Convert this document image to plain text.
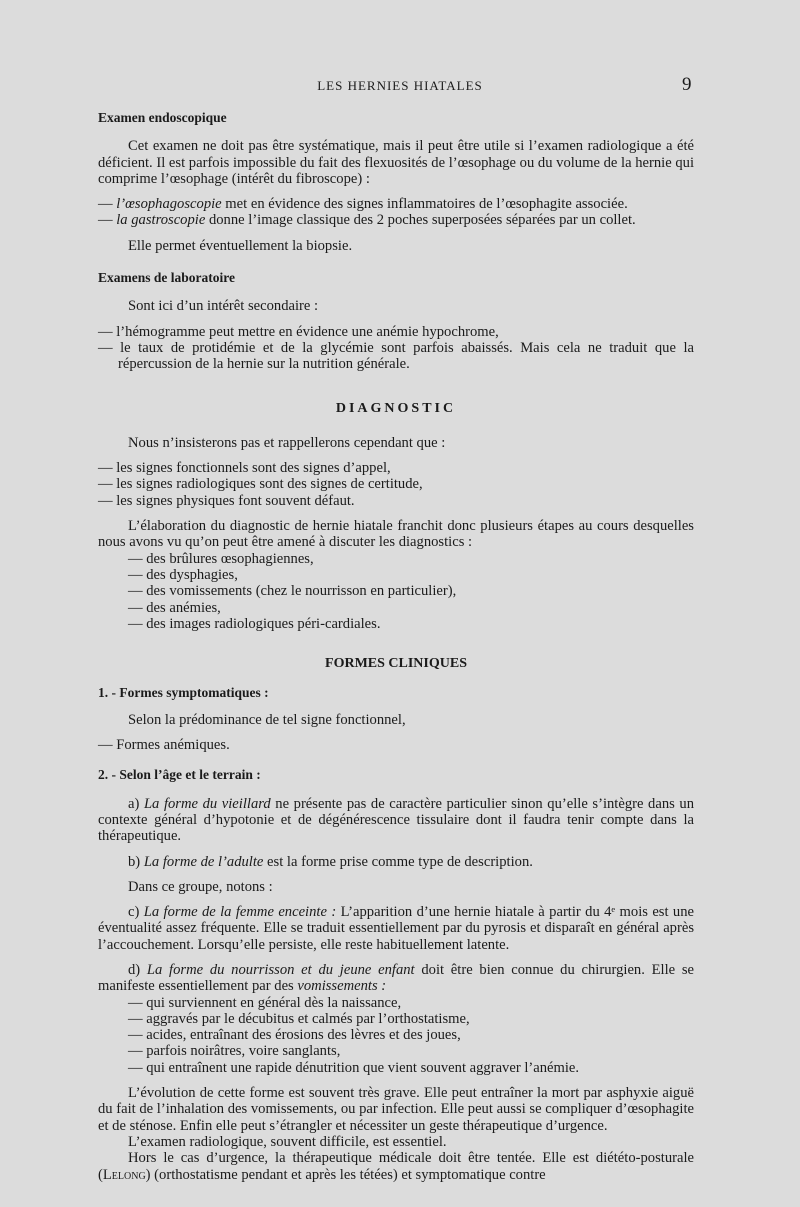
LES HERNIES HIATALES	9
Examen endoscopique

Cet examen ne doit pas être systématique, mais il peut être utile si l’examen radiologique a été déficient. Il est parfois impossible du fait des flexuosités de l’œsophage ou du volume de la hernie qui comprime l’œsophage (intérêt du fibroscope) :

— l’œsophagoscopie met en évidence des signes inflammatoires de l’œsophagite associée.

— la gastroscopie donne l’image classique des 2 poches superposées séparées par un collet.

Elle permet éventuellement la biopsie.

Examens de laboratoire

Sont ici d’un intérêt secondaire :

— l’hémogramme peut mettre en évidence une anémie hypochrome,

— le taux de protidémie et de la glycémie sont parfois abaissés. Mais cela ne traduit que la répercussion de la hernie sur la nutrition générale.

DIAGNOSTIC

Nous n’insisterons pas et rappellerons cependant que :

— les signes fonctionnels sont des signes d’appel,

— les signes radiologiques sont des signes de certitude,

— les signes physiques font souvent défaut.

L’élaboration du diagnostic de hernie hiatale franchit donc plusieurs étapes au cours desquelles nous avons vu qu’on peut être amené à discuter les diagnostics :

— des brûlures œsophagiennes,

— des dysphagies,

— des vomissements (chez le nourrisson en particulier),

— des anémies,

— des images radiologiques péri-cardiales.

FORMES CLINIQUES
1. - Formes symptomatiques :

Selon la prédominance de tel signe fonctionnel,

— Formes anémiques.

2. - Selon l’âge et le terrain :

a) La forme du vieillard ne présente pas de caractère particulier sinon qu’elle s’intègre dans un contexte général d’hypotonie et de dégénérescence tissulaire dont il faudra tenir compte dans la thérapeutique.

b) La forme de l’adulte est la forme prise comme type de description.

Dans ce groupe, notons :

c) La forme de la femme enceinte : L’apparition d’une hernie hiatale à partir du 4ᵉ mois est une éventualité assez fréquente. Elle se traduit essentiellement par du pyrosis et disparaît en général après l’accouchement. Lorsqu’elle persiste, elle reste habituellement latente.

d) La forme du nourrisson et du jeune enfant doit être bien connue du chirurgien. Elle se manifeste essentiellement par des vomissements :

— qui surviennent en général dès la naissance,

— aggravés par le décubitus et calmés par l’orthostatisme,

— acides, entraînant des érosions des lèvres et des joues,

— parfois noirâtres, voire sanglants,

— qui entraînent une rapide dénutrition que vient souvent aggraver l’anémie.

L’évolution de cette forme est souvent très grave. Elle peut entraîner la mort par asphyxie aiguë du fait de l’inhalation des vomissements, ou par infection. Elle peut aussi se compliquer d’œsophagite et de sténose. Enfin elle peut s’étrangler et nécessiter un geste thérapeutique d’urgence.

L’examen radiologique, souvent difficile, est essentiel.

Hors le cas d’urgence, la thérapeutique médicale doit être tentée. Elle est diététo-posturale (Lelong) (orthostatisme pendant et après les tétées) et symptomatique contre
